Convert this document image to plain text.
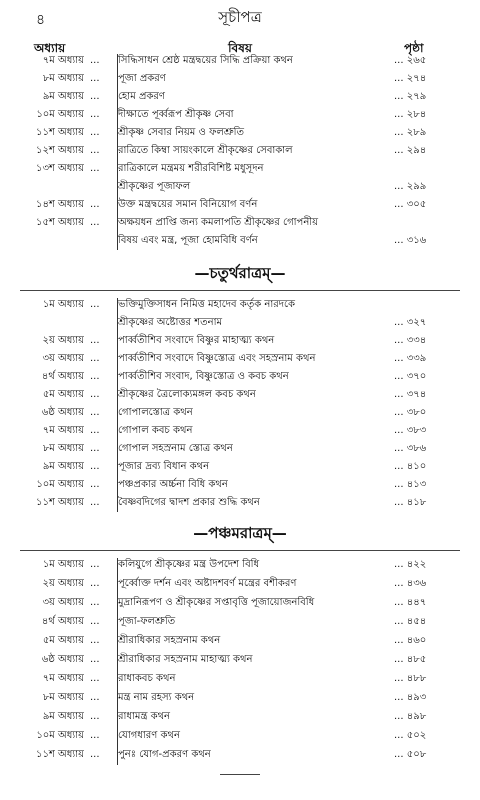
৪	সূচীপত্র
অধ্যায়	বিষয়	পৃষ্ঠা
৭ম অধ্যায় ...	সিদ্ধিসাধন শ্রেষ্ঠ মন্ত্রদ্বয়ের সিদ্ধি প্রক্রিয়া কথন	... ২৬৫
৮ম অধ্যায় ...	পূজা প্রকরণ	... ২৭৪
৯ম অধ্যায় ...	হোম প্রকরণ	... ২৭৯
১০ম অধ্যায় ...	দীক্ষাতে পূর্ব্বরূপ শ্রীকৃষ্ণ সেবা	... ২৮৪
১১শ অধ্যায় ...	শ্রীকৃষ্ণ সেবার নিয়ম ও ফলশ্রুতি	... ২৮৯
১২শ অধ্যায় ...	রাত্রিতে কিম্বা সায়ংকালে শ্রীকৃষ্ণের সেবাকাল	... ২৯৪
১৩শ অধ্যায় ...	রাত্রিকালে মন্ত্রময় শরীরবিশিষ্ট মধুসূদন
শ্রীকৃষ্ণের পূজাফল	... ২৯৯
১৪শ অধ্যায় ...	উক্ত মন্ত্রদ্বয়ের সমান বিনিয়োগ বর্ণন	... ৩০৫
১৫শ অধ্যায় ...	অক্ষয়ধন প্রাপ্তি জন্য কমলাপতি শ্রীকৃষ্ণের গোপনীয়
বিষয় এবং মন্ত্র, পূজা হোমবিধি বর্ণন	... ৩১৬
—চতুর্থরাত্রম্—
১ম অধ্যায় ...	ভক্তিমুক্তিসাধন নিমিত্ত মহাদেব কর্তৃক নারদকে
শ্রীকৃষ্ণের অষ্টোত্তর শতনাম	... ৩২৭
২য় অধ্যায় ...	পার্ব্বতীশিব সংবাদে বিষ্ণুর মাহাত্ম্য কথন	... ৩৩৪
৩য় অধ্যায় ...	পার্ব্বতীশিব সংবাদে বিষ্ণুস্তোত্র এবং সহস্রনাম কথন	... ৩৩৯
৪র্থ অধ্যায় ...	পার্ব্বতীশিব সংবাদ, বিষ্ণুস্তোত্র ও কবচ কথন	... ৩৭০
৫ম অধ্যায় ...	শ্রীকৃষ্ণের ত্রৈলোক্যমঙ্গল কবচ কথন	... ৩৭৪
৬ষ্ঠ অধ্যায় ...	গোপালস্তোত্র কথন	... ৩৮০
৭ম অধ্যায় ...	গোপাল কবচ কথন	... ৩৮৩
৮ম অধ্যায় ...	গোপাল সহস্রনাম স্তোত্র কথন	... ৩৮৬
৯ম অধ্যায় ...	পূজার দ্রব্য বিধান কথন	... ৪১০
১০ম অধ্যায় ...	পঞ্চপ্রকার অর্চ্চনা বিধি কথন	... ৪১৩
১১শ অধ্যায় ...	বৈষ্ণবদিগের দ্বাদশ প্রকার শুদ্ধি কথন	... ৪১৮
—পঞ্চমরাত্রম্—
১ম অধ্যায় ...	কলিযুগে শ্রীকৃষ্ণের মন্ত্র উপদেশ বিধি	... ৪২২
২য় অধ্যায় ...	পূর্ব্বোক্ত দর্শন এবং অষ্টাদশবর্ণ মন্ত্রের বশীকরণ	... ৪৩৬
৩য় অধ্যায় ...	মুদ্রানিরূপণ ও শ্রীকৃষ্ণের সপ্তাবৃত্তি পূজায়োজনবিধি	... ৪৪৭
৪র্থ অধ্যায় ...	পূজা-ফলশ্রুতি	... ৪৫৪
৫ম অধ্যায় ...	শ্রীরাধিকার সহস্রনাম কথন	... ৪৬০
৬ষ্ঠ অধ্যায় ...	শ্রীরাধিকার সহস্রনাম মাহাত্ম্য কথন	... ৪৮৫
৭ম অধ্যায় ...	রাধাকবচ কথন	... ৪৮৮
৮ম অধ্যায় ...	মন্ত্র নাম রহস্য কথন	... ৪৯৩
৯ম অধ্যায় ...	রাধামন্ত্র কথন	... ৪৯৮
১০ম অধ্যায় ...	যোগধারণ কথন	... ৫০২
১১শ অধ্যায় ...	পুনঃ যোগ-প্রকরণ কথন	... ৫০৮
